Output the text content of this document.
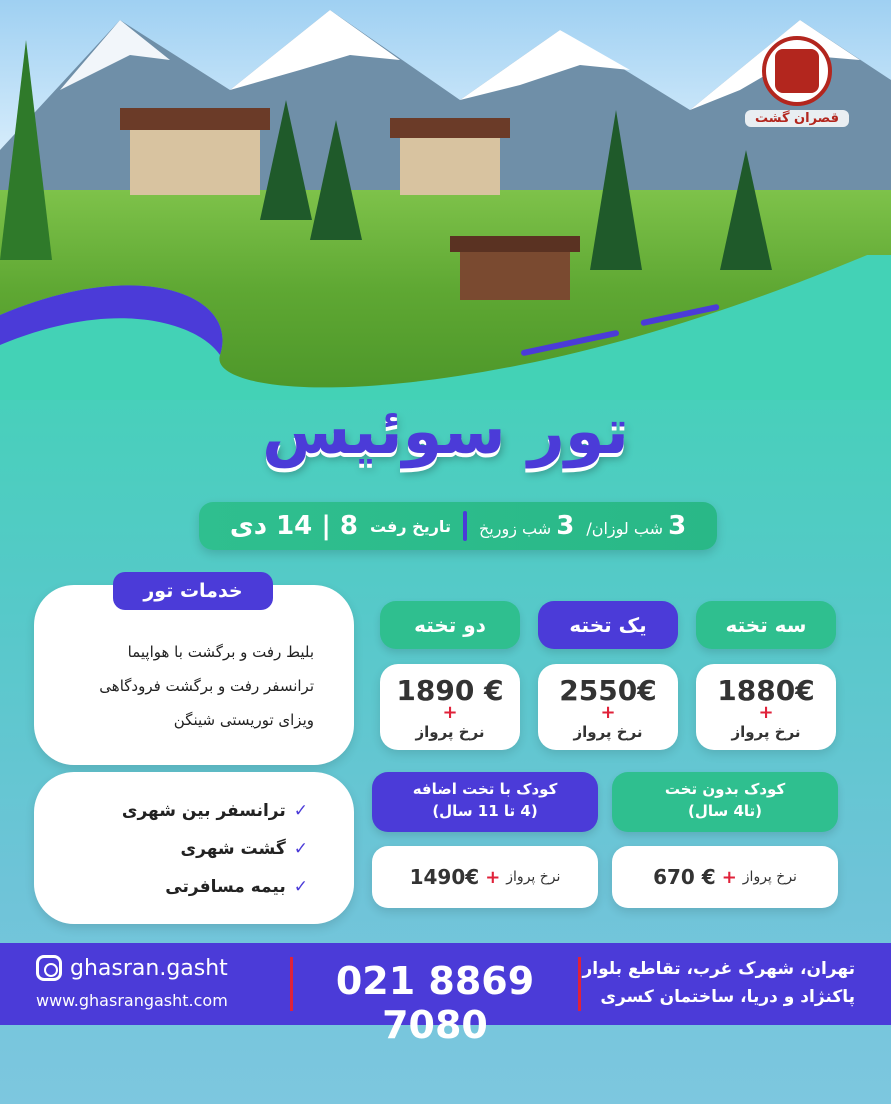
قصران گشت
تور سوئیس
3 شب لوزان/
3 شب زوریخ
تاریخ رفت
8 | 14 دی
بلیط رفت و برگشت با هواپیما
ترانسفر رفت و برگشت فرودگاهی
ویزای توریستی شینگن
خدمات تور
✓ترانسفر بین شهری
✓گشت شهری
✓بیمه مسافرتی
سه تخته
یک تخته
دو تخته
1880€
+
نرخ پرواز
2550€
+
نرخ پرواز
1890 €
+
نرخ پرواز
کودک بدون تخت
(تا4 سال)
کودک با تخت اضافه
(4 تا 11 سال)
نرخ پرواز
+
670 €
نرخ پرواز
+
1490€
تهران، شهرک غرب، تقاطع بلوار
پاکنژاد و دریا، ساختمان کسری
021 8869 7080
ghasran.gasht
www.ghasrangasht.com
